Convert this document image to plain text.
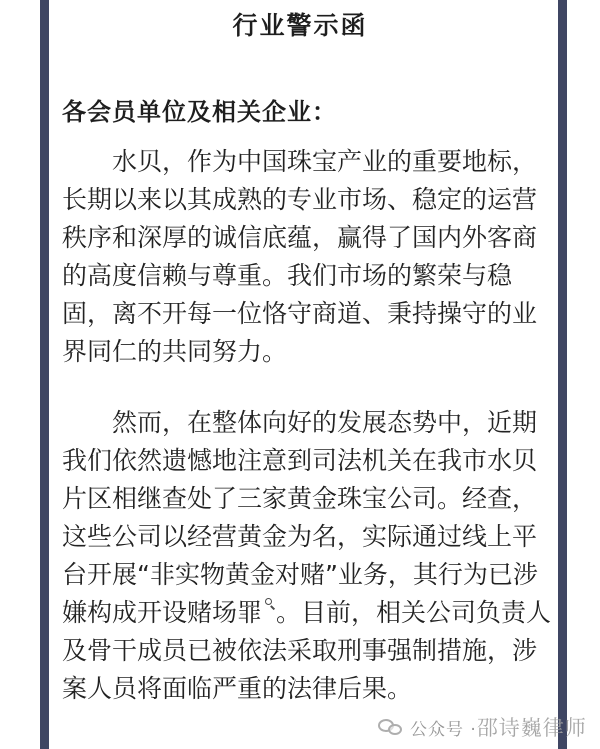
行业警示函
各会员单位及相关企业：
水贝，作为中国珠宝产业的重要地标，
长期以来以其成熟的专业市场、稳定的运营
秩序和深厚的诚信底蕴，赢得了国内外客商
的高度信赖与尊重。我们市场的繁荣与稳
固，离不开每一位恪守商道、秉持操守的业
界同仁的共同努力。
然而，在整体向好的发展态势中，近期
我们依然遗憾地注意到司法机关在我市水贝
片区相继查处了三家黄金珠宝公司。经查，
这些公司以经营黄金为名，实际通过线上平
台开展“非实物黄金对赌”业务，其行为已涉
嫌构成开设赌场罪 。目前，相关公司负责人
及骨干成员已被依法采取刑事强制措施，涉
案人员将面临严重的法律后果。
公众号 · 邵诗巍律师
